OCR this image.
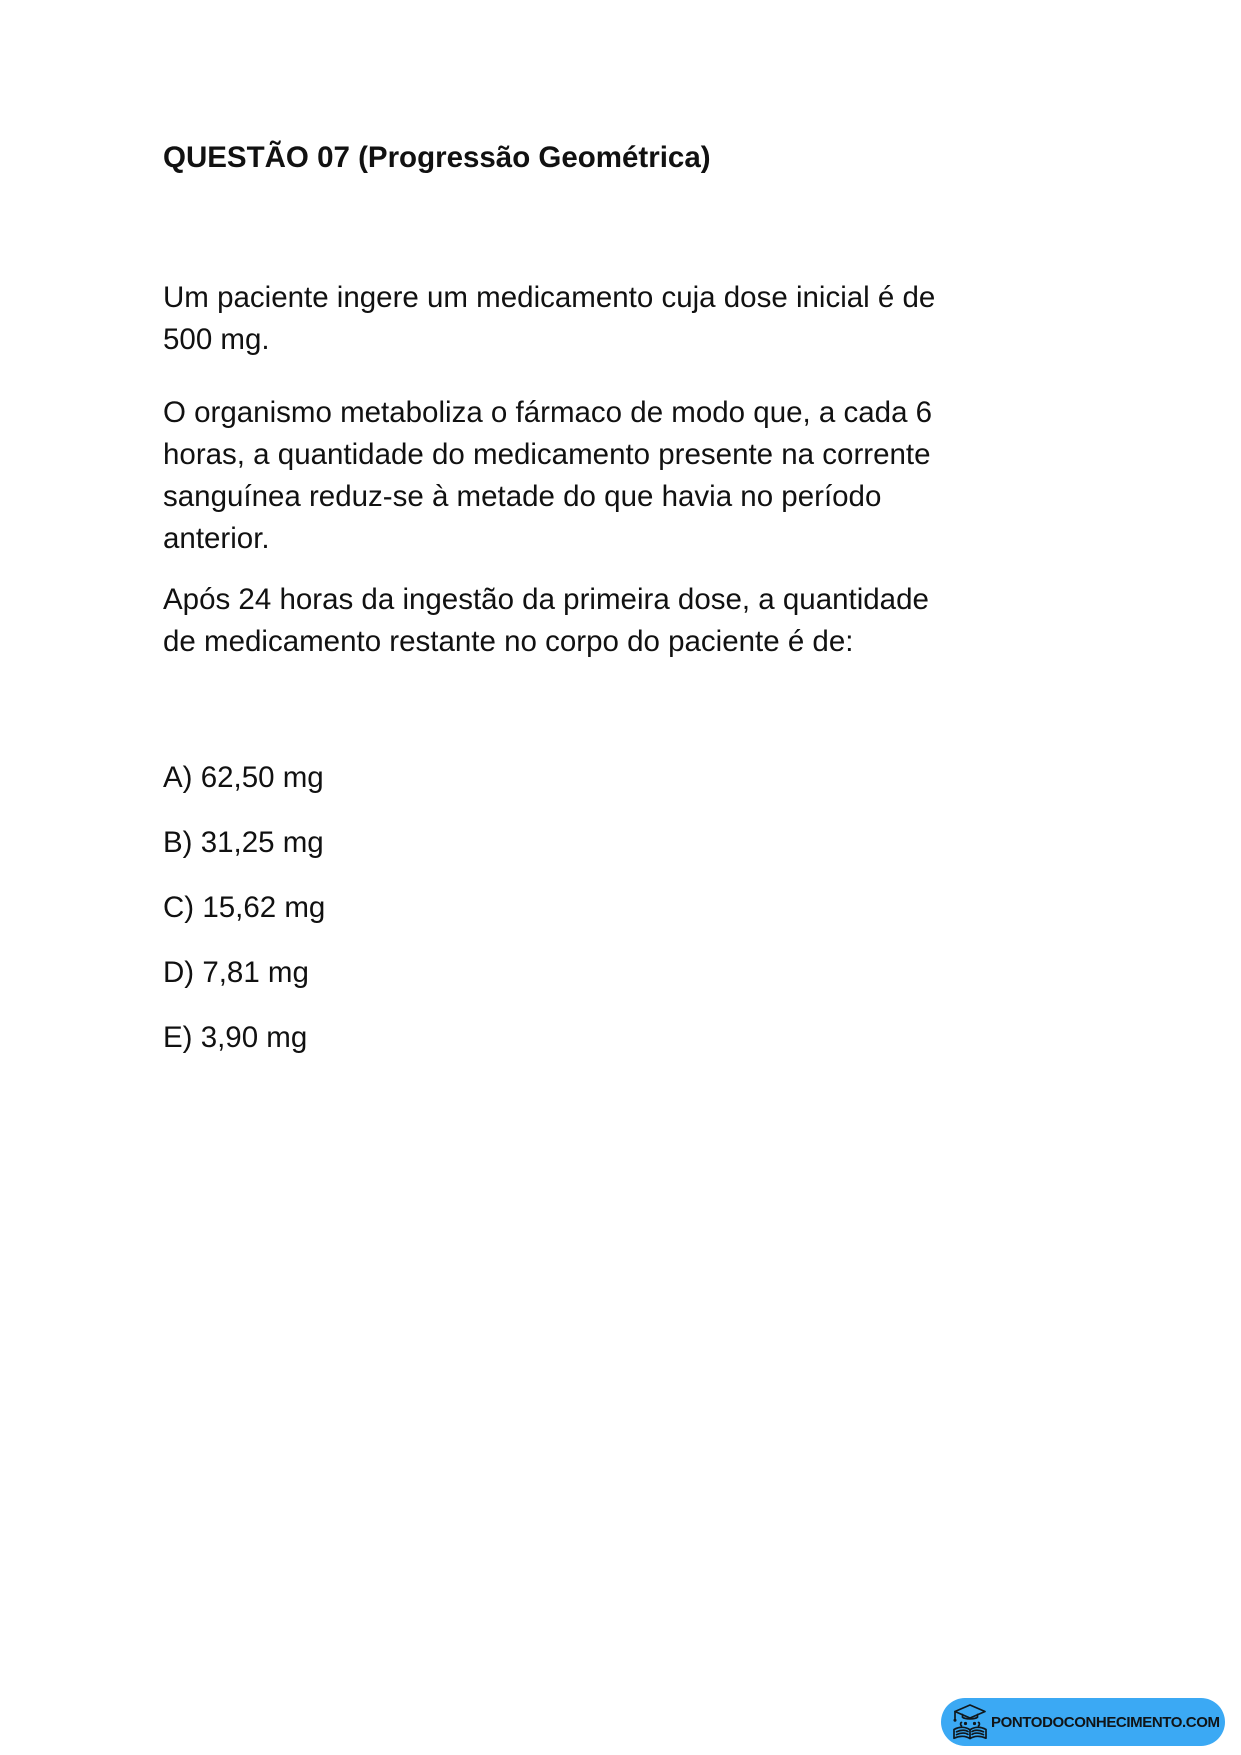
QUESTÃO 07 (Progressão Geométrica)

Um paciente ingere um medicamento cuja dose inicial é de 500 mg.

O organismo metaboliza o fármaco de modo que, a cada 6 horas, a quantidade do medicamento presente na corrente sanguínea reduz-se à metade do que havia no período anterior.

Após 24 horas da ingestão da primeira dose, a quantidade de medicamento restante no corpo do paciente é de:

A) 62,50 mg
B) 31,25 mg
C) 15,62 mg
D) 7,81 mg
E) 3,90 mg
PONTODOCONHECIMENTO.COM
